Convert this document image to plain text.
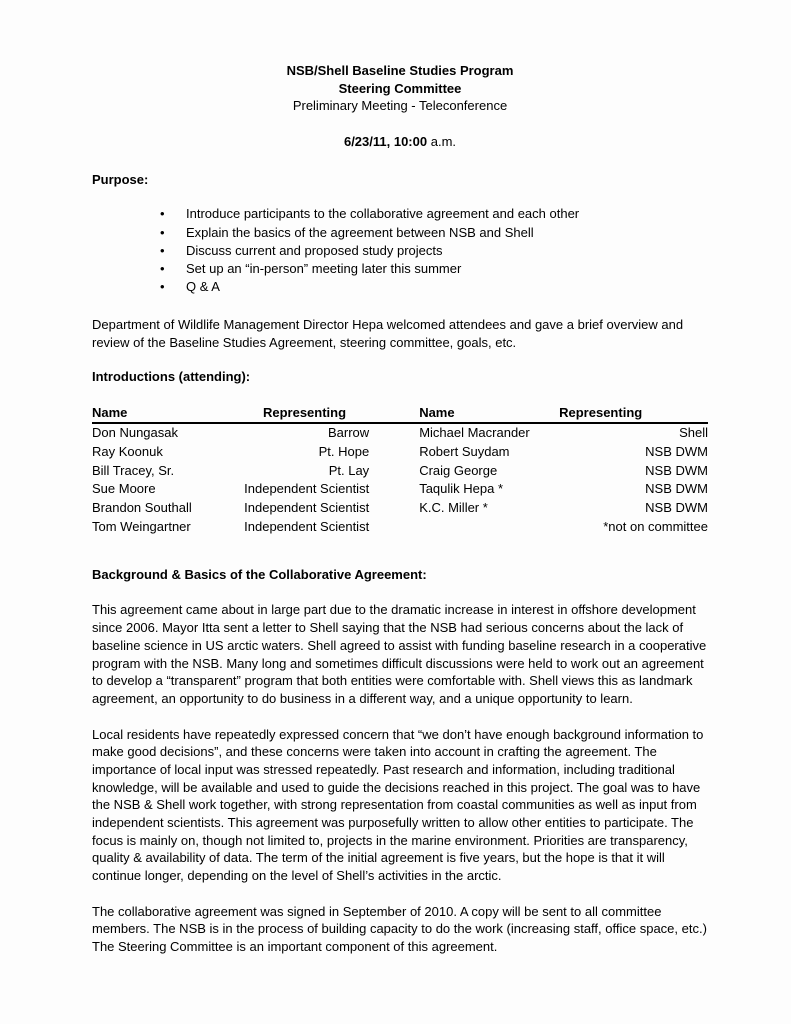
NSB/Shell Baseline Studies Program
Steering Committee
Preliminary Meeting - Teleconference
6/23/11, 10:00 a.m.
Purpose:
• Introduce participants to the collaborative agreement and each other
• Explain the basics of the agreement between NSB and Shell
• Discuss current and proposed study projects
• Set up an “in-person” meeting later this summer
• Q & A

Department of Wildlife Management Director Hepa welcomed attendees and gave a brief overview and review of the Baseline Studies Agreement, steering committee, goals, etc.

Introductions (attending):
Name	Representing	Name	Representing
Don Nungasak	Barrow	Michael Macrander	Shell
Ray Koonuk	Pt. Hope	Robert Suydam	NSB DWM
Bill Tracey, Sr.	Pt. Lay	Craig George	NSB DWM
Sue Moore	Independent Scientist	Taqulik Hepa *	NSB DWM
Brandon Southall	Independent Scientist	K.C. Miller *	NSB DWM
Tom Weingartner	Independent Scientist		*not on committee
Background & Basics of the Collaborative Agreement:

This agreement came about in large part due to the dramatic increase in interest in offshore development since 2006. Mayor Itta sent a letter to Shell saying that the NSB had serious concerns about the lack of baseline science in US arctic waters. Shell agreed to assist with funding baseline research in a cooperative program with the NSB. Many long and sometimes difficult discussions were held to work out an agreement to develop a “transparent” program that both entities were comfortable with. Shell views this as landmark agreement, an opportunity to do business in a different way, and a unique opportunity to learn.

Local residents have repeatedly expressed concern that “we don’t have enough background information to make good decisions”, and these concerns were taken into account in crafting the agreement. The importance of local input was stressed repeatedly. Past research and information, including traditional knowledge, will be available and used to guide the decisions reached in this project. The goal was to have the NSB & Shell work together, with strong representation from coastal communities as well as input from independent scientists. This agreement was purposefully written to allow other entities to participate. The focus is mainly on, though not limited to, projects in the marine environment. Priorities are transparency, quality & availability of data. The term of the initial agreement is five years, but the hope is that it will continue longer, depending on the level of Shell’s activities in the arctic.

The collaborative agreement was signed in September of 2010. A copy will be sent to all committee members. The NSB is in the process of building capacity to do the work (increasing staff, office space, etc.) The Steering Committee is an important component of this agreement.
